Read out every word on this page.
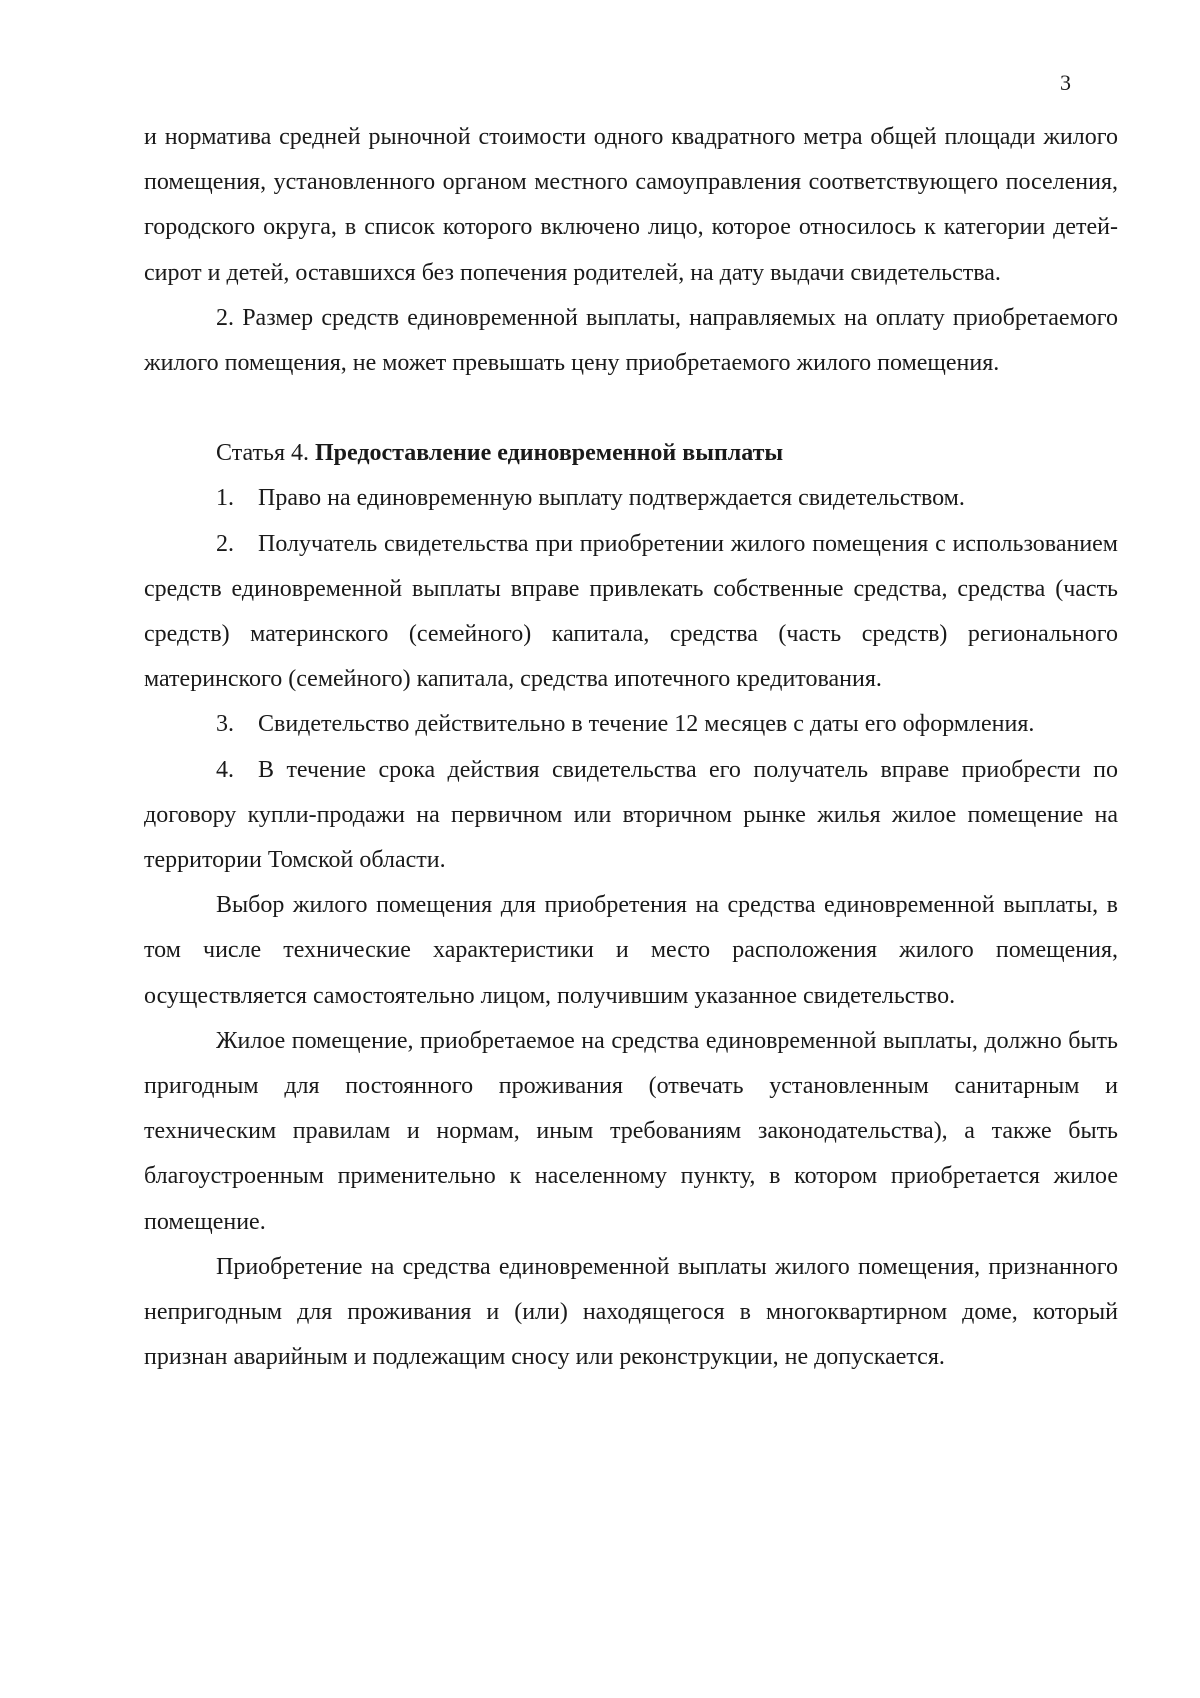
3

и норматива средней рыночной стоимости одного квадратного метра общей площади жилого помещения, установленного органом местного самоуправления соответствующего поселения, городского округа, в список которого включено лицо, которое относилось к категории детей-сирот и детей, оставшихся без попечения родителей, на дату выдачи свидетельства.

2. Размер средств единовременной выплаты, направляемых на оплату приобретаемого жилого помещения, не может превышать цену приобретаемого жилого помещения.

Статья 4. Предоставление единовременной выплаты

1. Право на единовременную выплату подтверждается свидетельством.

2. Получатель свидетельства при приобретении жилого помещения с использованием средств единовременной выплаты вправе привлекать собственные средства, средства (часть средств) материнского (семейного) капитала, средства (часть средств) регионального материнского (семейного) капитала, средства ипотечного кредитования.

3. Свидетельство действительно в течение 12 месяцев с даты его оформления.

4. В течение срока действия свидетельства его получатель вправе приобрести по договору купли-продажи на первичном или вторичном рынке жилья жилое помещение на территории Томской области.

Выбор жилого помещения для приобретения на средства единовременной выплаты, в том числе технические характеристики и место расположения жилого помещения, осуществляется самостоятельно лицом, получившим указанное свидетельство.

Жилое помещение, приобретаемое на средства единовременной выплаты, должно быть пригодным для постоянного проживания (отвечать установленным санитарным и техническим правилам и нормам, иным требованиям законодательства), а также быть благоустроенным применительно к населенному пункту, в котором приобретается жилое помещение.

Приобретение на средства единовременной выплаты жилого помещения, признанного непригодным для проживания и (или) находящегося в многоквартирном доме, который признан аварийным и подлежащим сносу или реконструкции, не допускается.
